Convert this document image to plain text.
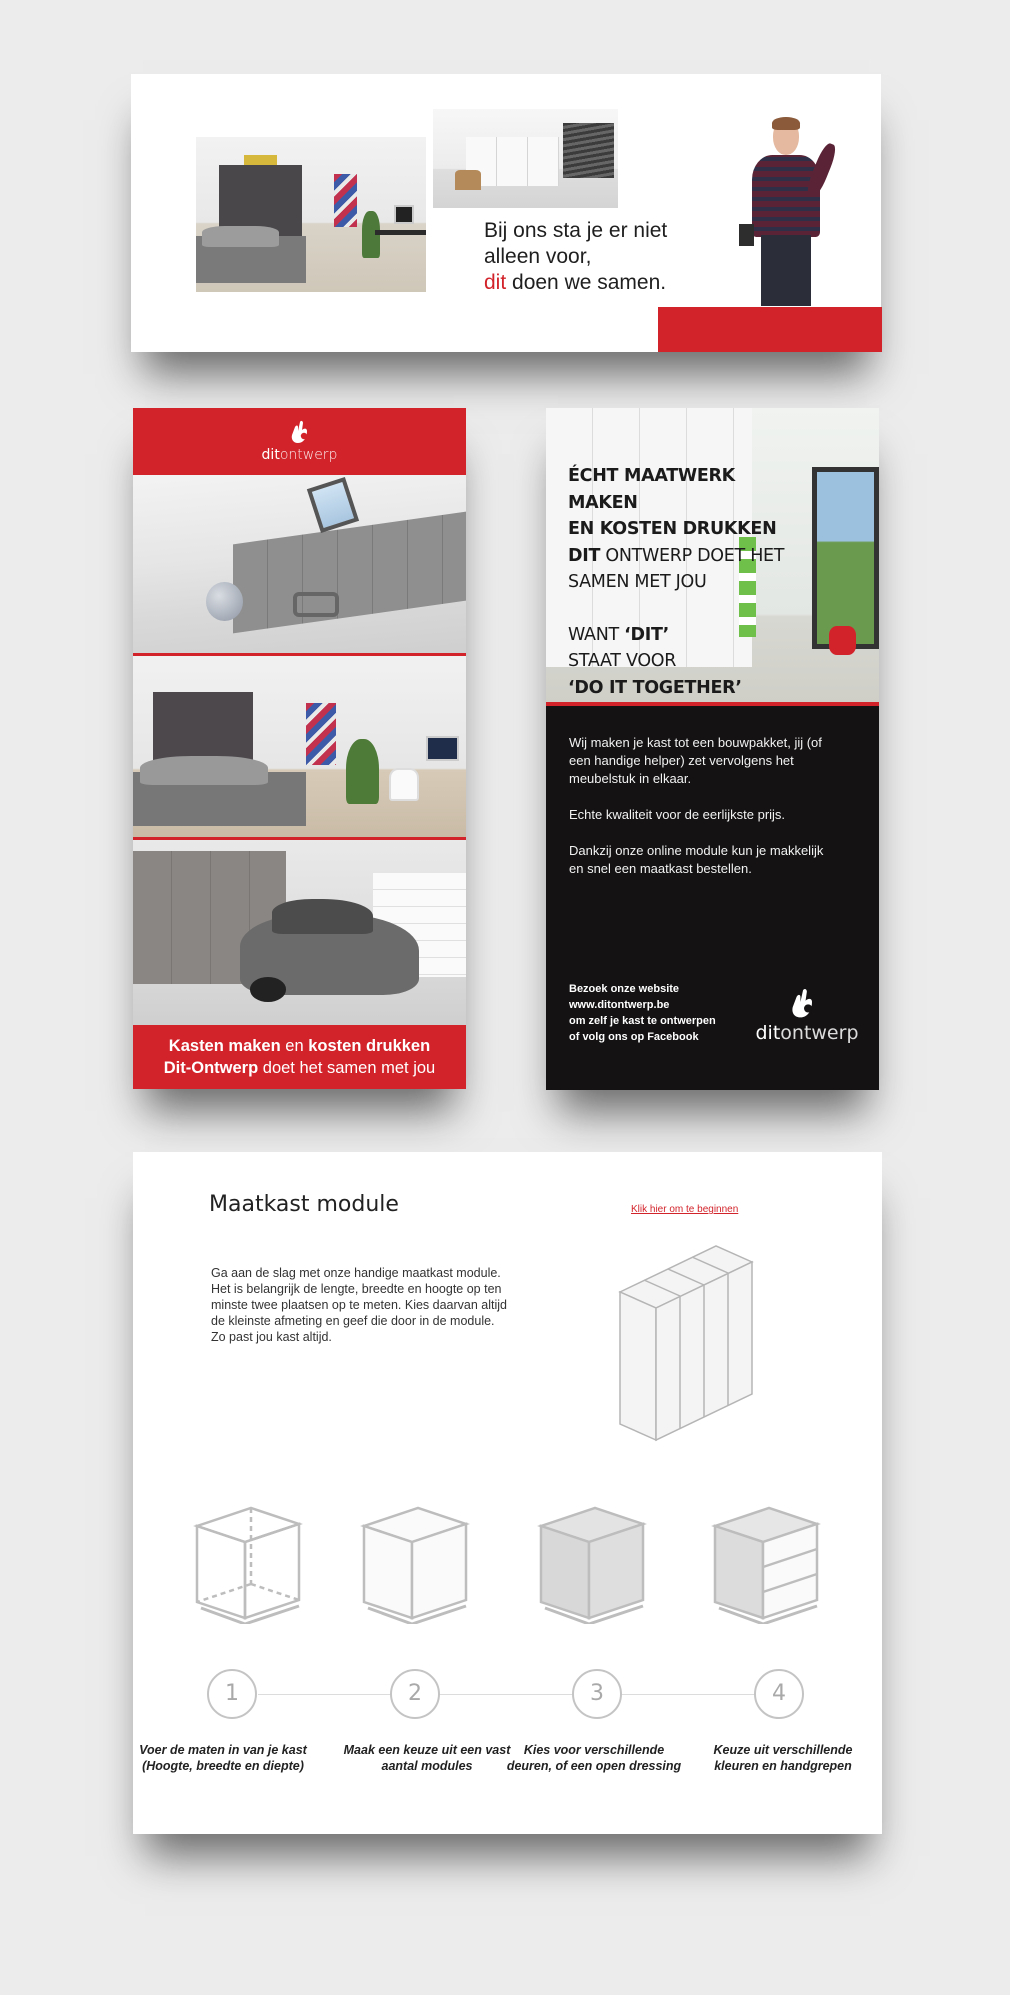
Bij ons sta je er niet
alleen voor,
dit doen we samen.
ditontwerp
Kasten maken en kosten drukken
Dit-Ontwerp doet het samen met jou
ditontwerp
ÉCHT MAATWERK MAKEN
EN KOSTEN DRUKKEN
DIT ONTWERP DOET HET
SAMEN MET JOU
WANT ‘DIT’
STAAT VOOR
‘DO IT TOGETHER’

Wij maken je kast tot een bouwpakket, jij (of een handige helper) zet vervolgens het meubelstuk in elkaar.

Echte kwaliteit voor de eerlijkste prijs.

Dankzij onze online module kun je makkelijk en snel een maatkast bestellen.

Bezoek onze website
www.ditontwerp.be
om zelf je kast te ontwerpen
of volg ons op Facebook
Maatkast module	Klik hier om te beginnen
Ga aan de slag met onze handige maatkast module. Het is belangrijk de lengte, breedte en hoogte op ten minste twee plaatsen op te meten. Kies daarvan altijd de kleinste afmeting en geef die door in de module. Zo past jou kast altijd.
1	2	3	4
Voer de maten in van je kast
(Hoogte, breedte en diepte)
Maak een keuze uit een vast
aantal modules
Kies voor verschillende
deuren, of een open dressing
Keuze uit verschillende
kleuren en handgrepen
